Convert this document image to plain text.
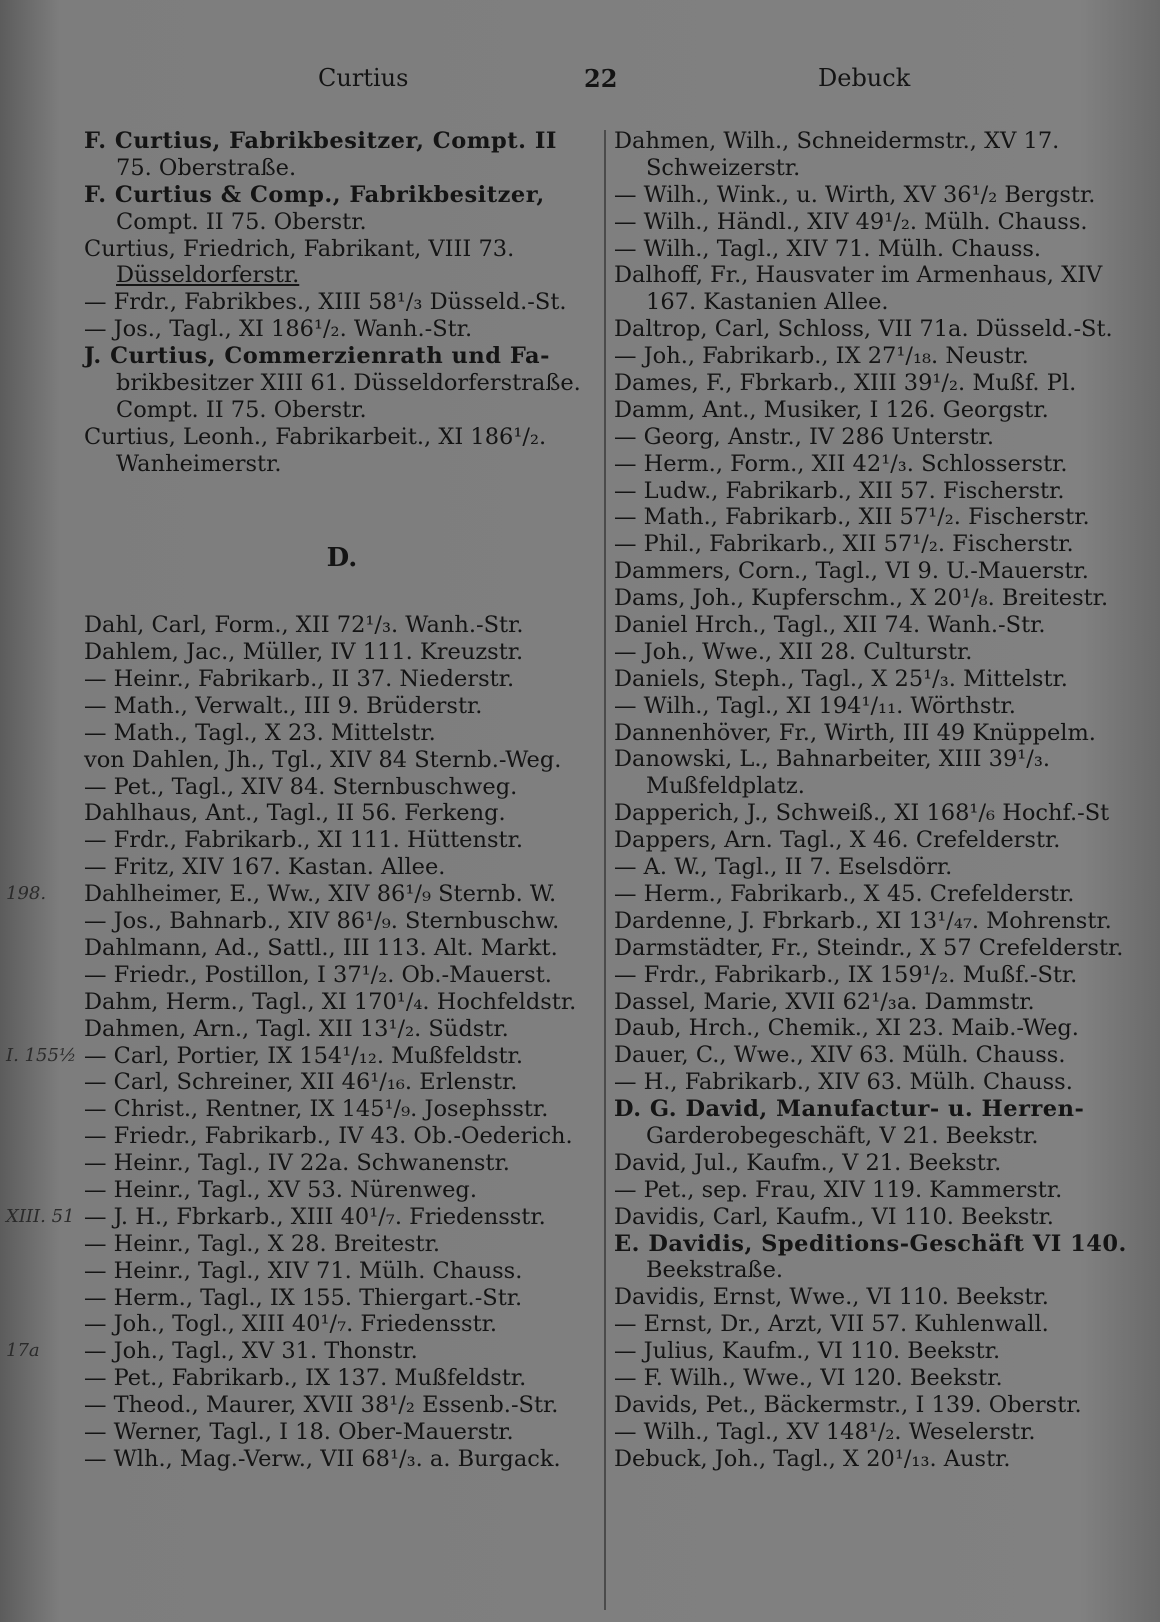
Curtius	22	Debuck
F. Curtius, Fabrikbesitzer, Compt. II
75. Oberstraße.
F. Curtius & Comp., Fabrikbesitzer,
Compt. II 75. Oberstr.
Curtius, Friedrich, Fabrikant, VIII 73.
Düsseldorferstr.
— Frdr., Fabrikbes., XIII 58¹/₃ Düsseld.-St.
— Jos., Tagl., XI 186¹/₂. Wanh.-Str.
J. Curtius, Commerzienrath und Fa-
brikbesitzer XIII 61. Düsseldorferstraße.
Compt. II 75. Oberstr.
Curtius, Leonh., Fabrikarbeit., XI 186¹/₂.
Wanheimerstr.
D.
Dahl, Carl, Form., XII 72¹/₃. Wanh.-Str.
Dahlem, Jac., Müller, IV 111. Kreuzstr.
— Heinr., Fabrikarb., II 37. Niederstr.
— Math., Verwalt., III 9. Brüderstr.
— Math., Tagl., X 23. Mittelstr.
von Dahlen, Jh., Tgl., XIV 84 Sternb.-Weg.
— Pet., Tagl., XIV 84. Sternbuschweg.
Dahlhaus, Ant., Tagl., II 56. Ferkeng.
— Frdr., Fabrikarb., XI 111. Hüttenstr.
— Fritz, XIV 167. Kastan. Allee.
Dahlheimer, E., Ww., XIV 86¹/₉ Sternb. W.
— Jos., Bahnarb., XIV 86¹/₉. Sternbuschw.
Dahlmann, Ad., Sattl., III 113. Alt. Markt.
— Friedr., Postillon, I 37¹/₂. Ob.-Mauerst.
Dahm, Herm., Tagl., XI 170¹/₄. Hochfeldstr.
Dahmen, Arn., Tagl. XII 13¹/₂. Südstr.
— Carl, Portier, IX 154¹/₁₂. Mußfeldstr.
— Carl, Schreiner, XII 46¹/₁₆. Erlenstr.
— Christ., Rentner, IX 145¹/₉. Josephsstr.
— Friedr., Fabrikarb., IV 43. Ob.-Oederich.
— Heinr., Tagl., IV 22a. Schwanenstr.
— Heinr., Tagl., XV 53. Nürenweg.
— J. H., Fbrkarb., XIII 40¹/₇. Friedensstr.
— Heinr., Tagl., X 28. Breitestr.
— Heinr., Tagl., XIV 71. Mülh. Chauss.
— Herm., Tagl., IX 155. Thiergart.-Str.
— Joh., Togl., XIII 40¹/₇. Friedensstr.
— Joh., Tagl., XV 31. Thonstr.
— Pet., Fabrikarb., IX 137. Mußfeldstr.
— Theod., Maurer, XVII 38¹/₂ Essenb.-Str.
— Werner, Tagl., I 18. Ober-Mauerstr.
— Wlh., Mag.-Verw., VII 68¹/₃. a. Burgack.
Dahmen, Wilh., Schneidermstr., XV 17.
Schweizerstr.
— Wilh., Wink., u. Wirth, XV 36¹/₂ Bergstr.
— Wilh., Händl., XIV 49¹/₂. Mülh. Chauss.
— Wilh., Tagl., XIV 71. Mülh. Chauss.
Dalhoff, Fr., Hausvater im Armenhaus, XIV
167. Kastanien Allee.
Daltrop, Carl, Schloss, VII 71a. Düsseld.-St.
— Joh., Fabrikarb., IX 27¹/₁₈. Neustr.
Dames, F., Fbrkarb., XIII 39¹/₂. Mußf. Pl.
Damm, Ant., Musiker, I 126. Georgstr.
— Georg, Anstr., IV 286 Unterstr.
— Herm., Form., XII 42¹/₃. Schlosserstr.
— Ludw., Fabrikarb., XII 57. Fischerstr.
— Math., Fabrikarb., XII 57¹/₂. Fischerstr.
— Phil., Fabrikarb., XII 57¹/₂. Fischerstr.
Dammers, Corn., Tagl., VI 9. U.-Mauerstr.
Dams, Joh., Kupferschm., X 20¹/₈. Breitestr.
Daniel Hrch., Tagl., XII 74. Wanh.-Str.
— Joh., Wwe., XII 28. Culturstr.
Daniels, Steph., Tagl., X 25¹/₃. Mittelstr.
— Wilh., Tagl., XI 194¹/₁₁. Wörthstr.
Dannenhöver, Fr., Wirth, III 49 Knüppelm.
Danowski, L., Bahnarbeiter, XIII 39¹/₃.
Mußfeldplatz.
Dapperich, J., Schweiß., XI 168¹/₆ Hochf.-St
Dappers, Arn. Tagl., X 46. Crefelderstr.
— A. W., Tagl., II 7. Eselsdörr.
— Herm., Fabrikarb., X 45. Crefelderstr.
Dardenne, J. Fbrkarb., XI 13¹/₄₇. Mohrenstr.
Darmstädter, Fr., Steindr., X 57 Crefelderstr.
— Frdr., Fabrikarb., IX 159¹/₂. Mußf.-Str.
Dassel, Marie, XVII 62¹/₃a. Dammstr.
Daub, Hrch., Chemik., XI 23. Maib.-Weg.
Dauer, C., Wwe., XIV 63. Mülh. Chauss.
— H., Fabrikarb., XIV 63. Mülh. Chauss.
D. G. David, Manufactur- u. Herren-
Garderobegeschäft, V 21. Beekstr.
David, Jul., Kaufm., V 21. Beekstr.
— Pet., sep. Frau, XIV 119. Kammerstr.
Davidis, Carl, Kaufm., VI 110. Beekstr.
E. Davidis, Speditions-Geschäft VI 140.
Beekstraße.
Davidis, Ernst, Wwe., VI 110. Beekstr.
— Ernst, Dr., Arzt, VII 57. Kuhlenwall.
— Julius, Kaufm., VI 110. Beekstr.
— F. Wilh., Wwe., VI 120. Beekstr.
Davids, Pet., Bäckermstr., I 139. Oberstr.
— Wilh., Tagl., XV 148¹/₂. Weselerstr.
Debuck, Joh., Tagl., X 20¹/₁₃. Austr.
198.
I. 155½
XIII. 51
17a
